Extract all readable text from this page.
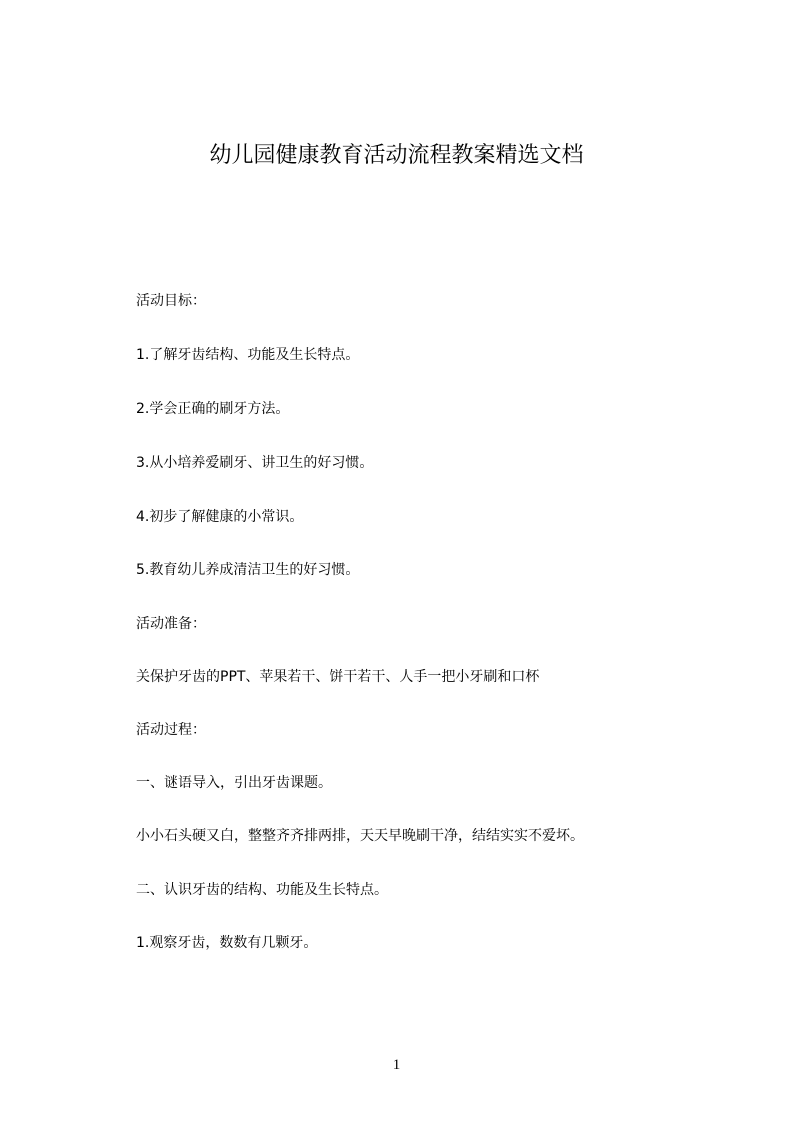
幼儿园健康教育活动流程教案精选文档
活动目标：
1.了解牙齿结构、功能及生长特点。
2.学会正确的刷牙方法。
3.从小培养爱刷牙、讲卫生的好习惯。
4.初步了解健康的小常识。
5.教育幼儿养成清洁卫生的好习惯。
活动准备：
关保护牙齿的PPT、苹果若干、饼干若干、人手一把小牙刷和口杯
活动过程：
一、谜语导入，引出牙齿课题。
小小石头硬又白，整整齐齐排两排，天天早晚刷干净，结结实实不爱坏。
二、认识牙齿的结构、功能及生长特点。
1.观察牙齿，数数有几颗牙。
1
